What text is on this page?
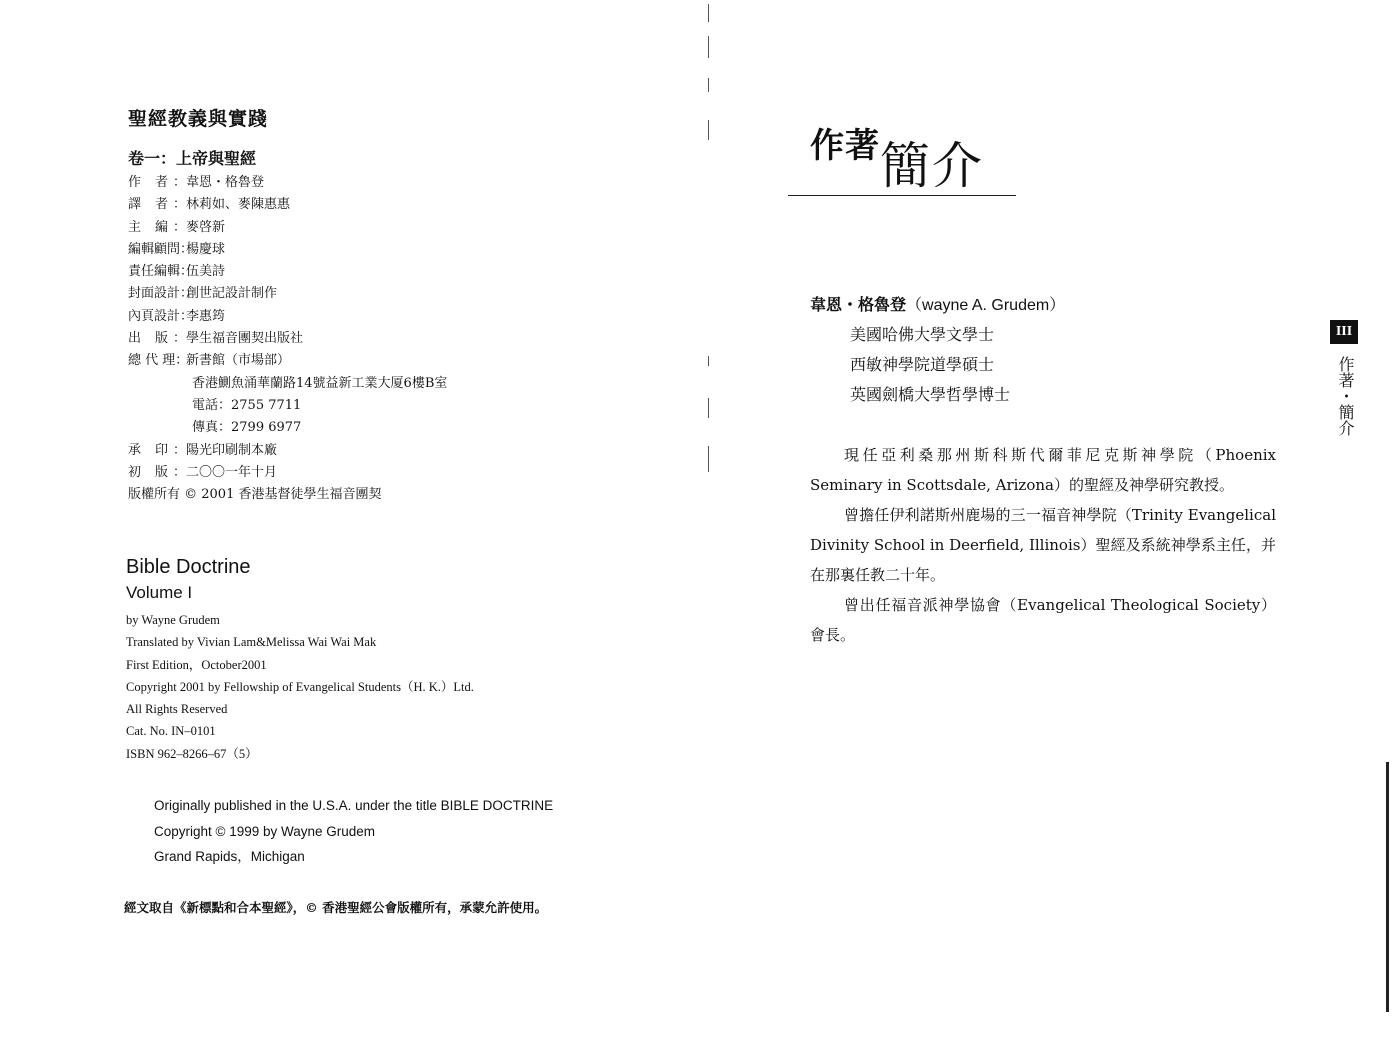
聖經教義與實踐
卷一：上帝與聖經
作 者：韋恩・格魯登
譯 者：林莉如、麥陳惠惠
主 編：麥啓新
編輯顧問：楊慶球
責任編輯：伍美詩
封面設計：創世記設計制作
內頁設計：李惠筠
出 版：學生福音團契出版社
總 代 理：新書館（市場部）
香港鰂魚涌華蘭路14號益新工業大厦6樓B室
電話：2755 7711
傳真：2799 6977
承 印：陽光印刷制本廠
初 版：二〇〇一年十月
版權所有 © 2001 香港基督徒學生福音團契
Bible Doctrine
Volume I
by Wayne Grudem
Translated by Vivian Lam&Melissa Wai Wai Mak
First Edition，October2001
Copyright 2001 by Fellowship of Evangelical Students（H. K.）Ltd.
All Rights Reserved
Cat. No. IN–0101
ISBN 962–8266–67（5）
Originally published in the U.S.A. under the title BIBLE DOCTRINE
Copyright © 1999 by Wayne Grudem
Grand Rapids，Michigan
經文取自《新標點和合本聖經》，© 香港聖經公會版權所有，承蒙允許使用。
作著簡介
韋恩・格魯登（wayne A. Grudem）
美國哈佛大學文學士
西敏神學院道學碩士
英國劍橋大學哲學博士

現任亞利桑那州斯科斯代爾菲尼克斯神學院（Phoenix Seminary in Scottsdale, Arizona）的聖經及神學研究教授。

曾擔任伊利諾斯州鹿場的三一福音神學院（Trinity Evangelical Divinity School in Deerfield, Illinois）聖經及系統神學系主任，并在那裏任教二十年。

曾出任福音派神學協會（Evangelical Theological Society）會長。

III
作著・簡介
